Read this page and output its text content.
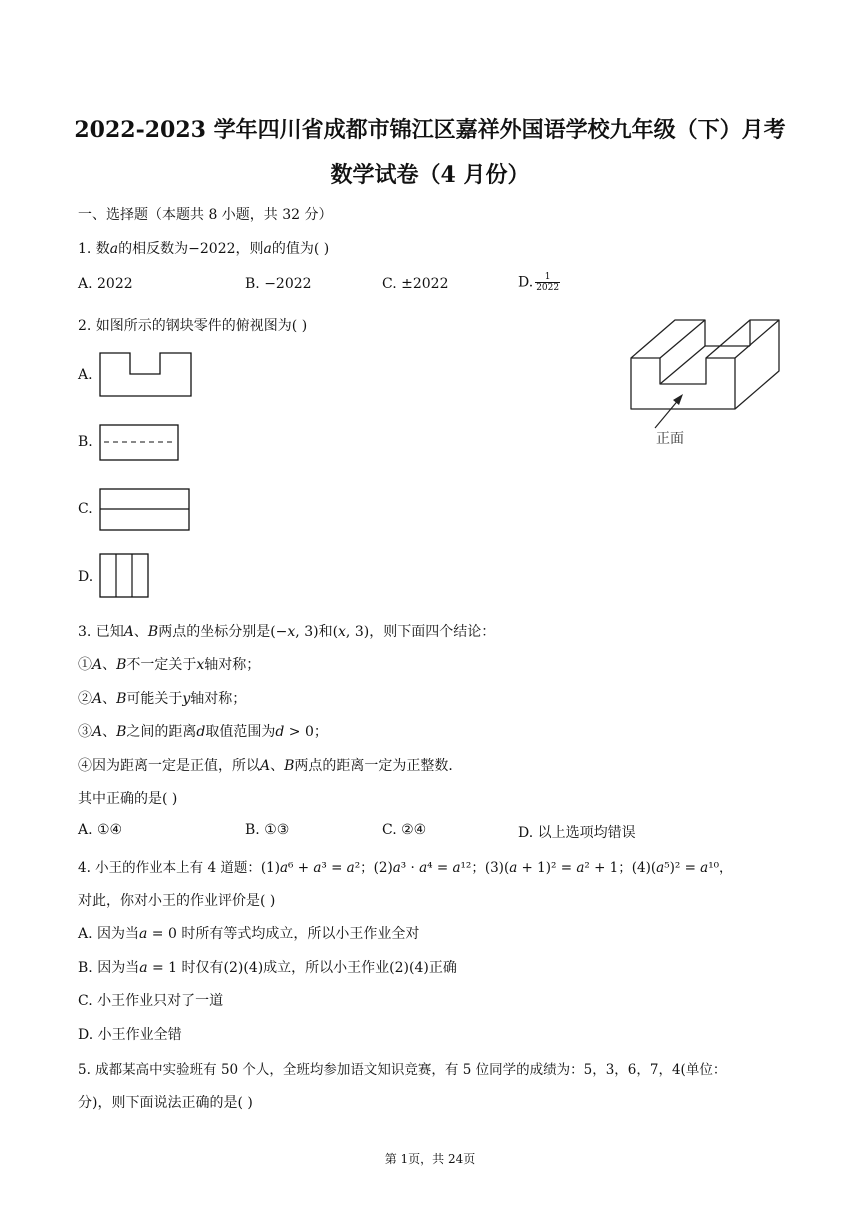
2022-2023 学年四川省成都市锦江区嘉祥外国语学校九年级（下）月考
数学试卷（4 月份）
一、选择题（本题共 8 小题，共 32 分）
1. 数𝑎的相反数为−2022，则𝑎的值为( )
A. 2022	B. −2022	C. ±2022	D. $\frac{1}{2022}$
2. 如图所示的钢块零件的俯视图为( )
A.
B.
C.
D.
正面
3. 已知𝐴、𝐵两点的坐标分别是(−𝑥, 3)和(𝑥, 3)，则下面四个结论：
①𝐴、𝐵不一定关于𝑥轴对称；
②𝐴、𝐵可能关于𝑦轴对称；
③𝐴、𝐵之间的距离𝑑取值范围为𝑑 > 0；
④因为距离一定是正值，所以𝐴、𝐵两点的距离一定为正整数．
其中正确的是( )
A. ①④	B. ①③	C. ②④	D. 以上选项均错误
4. 小王的作业本上有 4 道题：(1)𝑎⁶ + 𝑎³ = 𝑎²；(2)𝑎³ · 𝑎⁴ = 𝑎¹²；(3)(𝑎 + 1)² = 𝑎² + 1；(4)(𝑎⁵)² = 𝑎¹⁰，
对此，你对小王的作业评价是( )
A. 因为当𝑎 = 0 时所有等式均成立，所以小王作业全对
B. 因为当𝑎 = 1 时仅有(2)(4)成立，所以小王作业(2)(4)正确
C. 小王作业只对了一道
D. 小王作业全错
5. 成都某高中实验班有 50 个人，全班均参加语文知识竞赛，有 5 位同学的成绩为：5，3，6，7，4(单位：
分)，则下面说法正确的是( )
第 1页，共 24页
